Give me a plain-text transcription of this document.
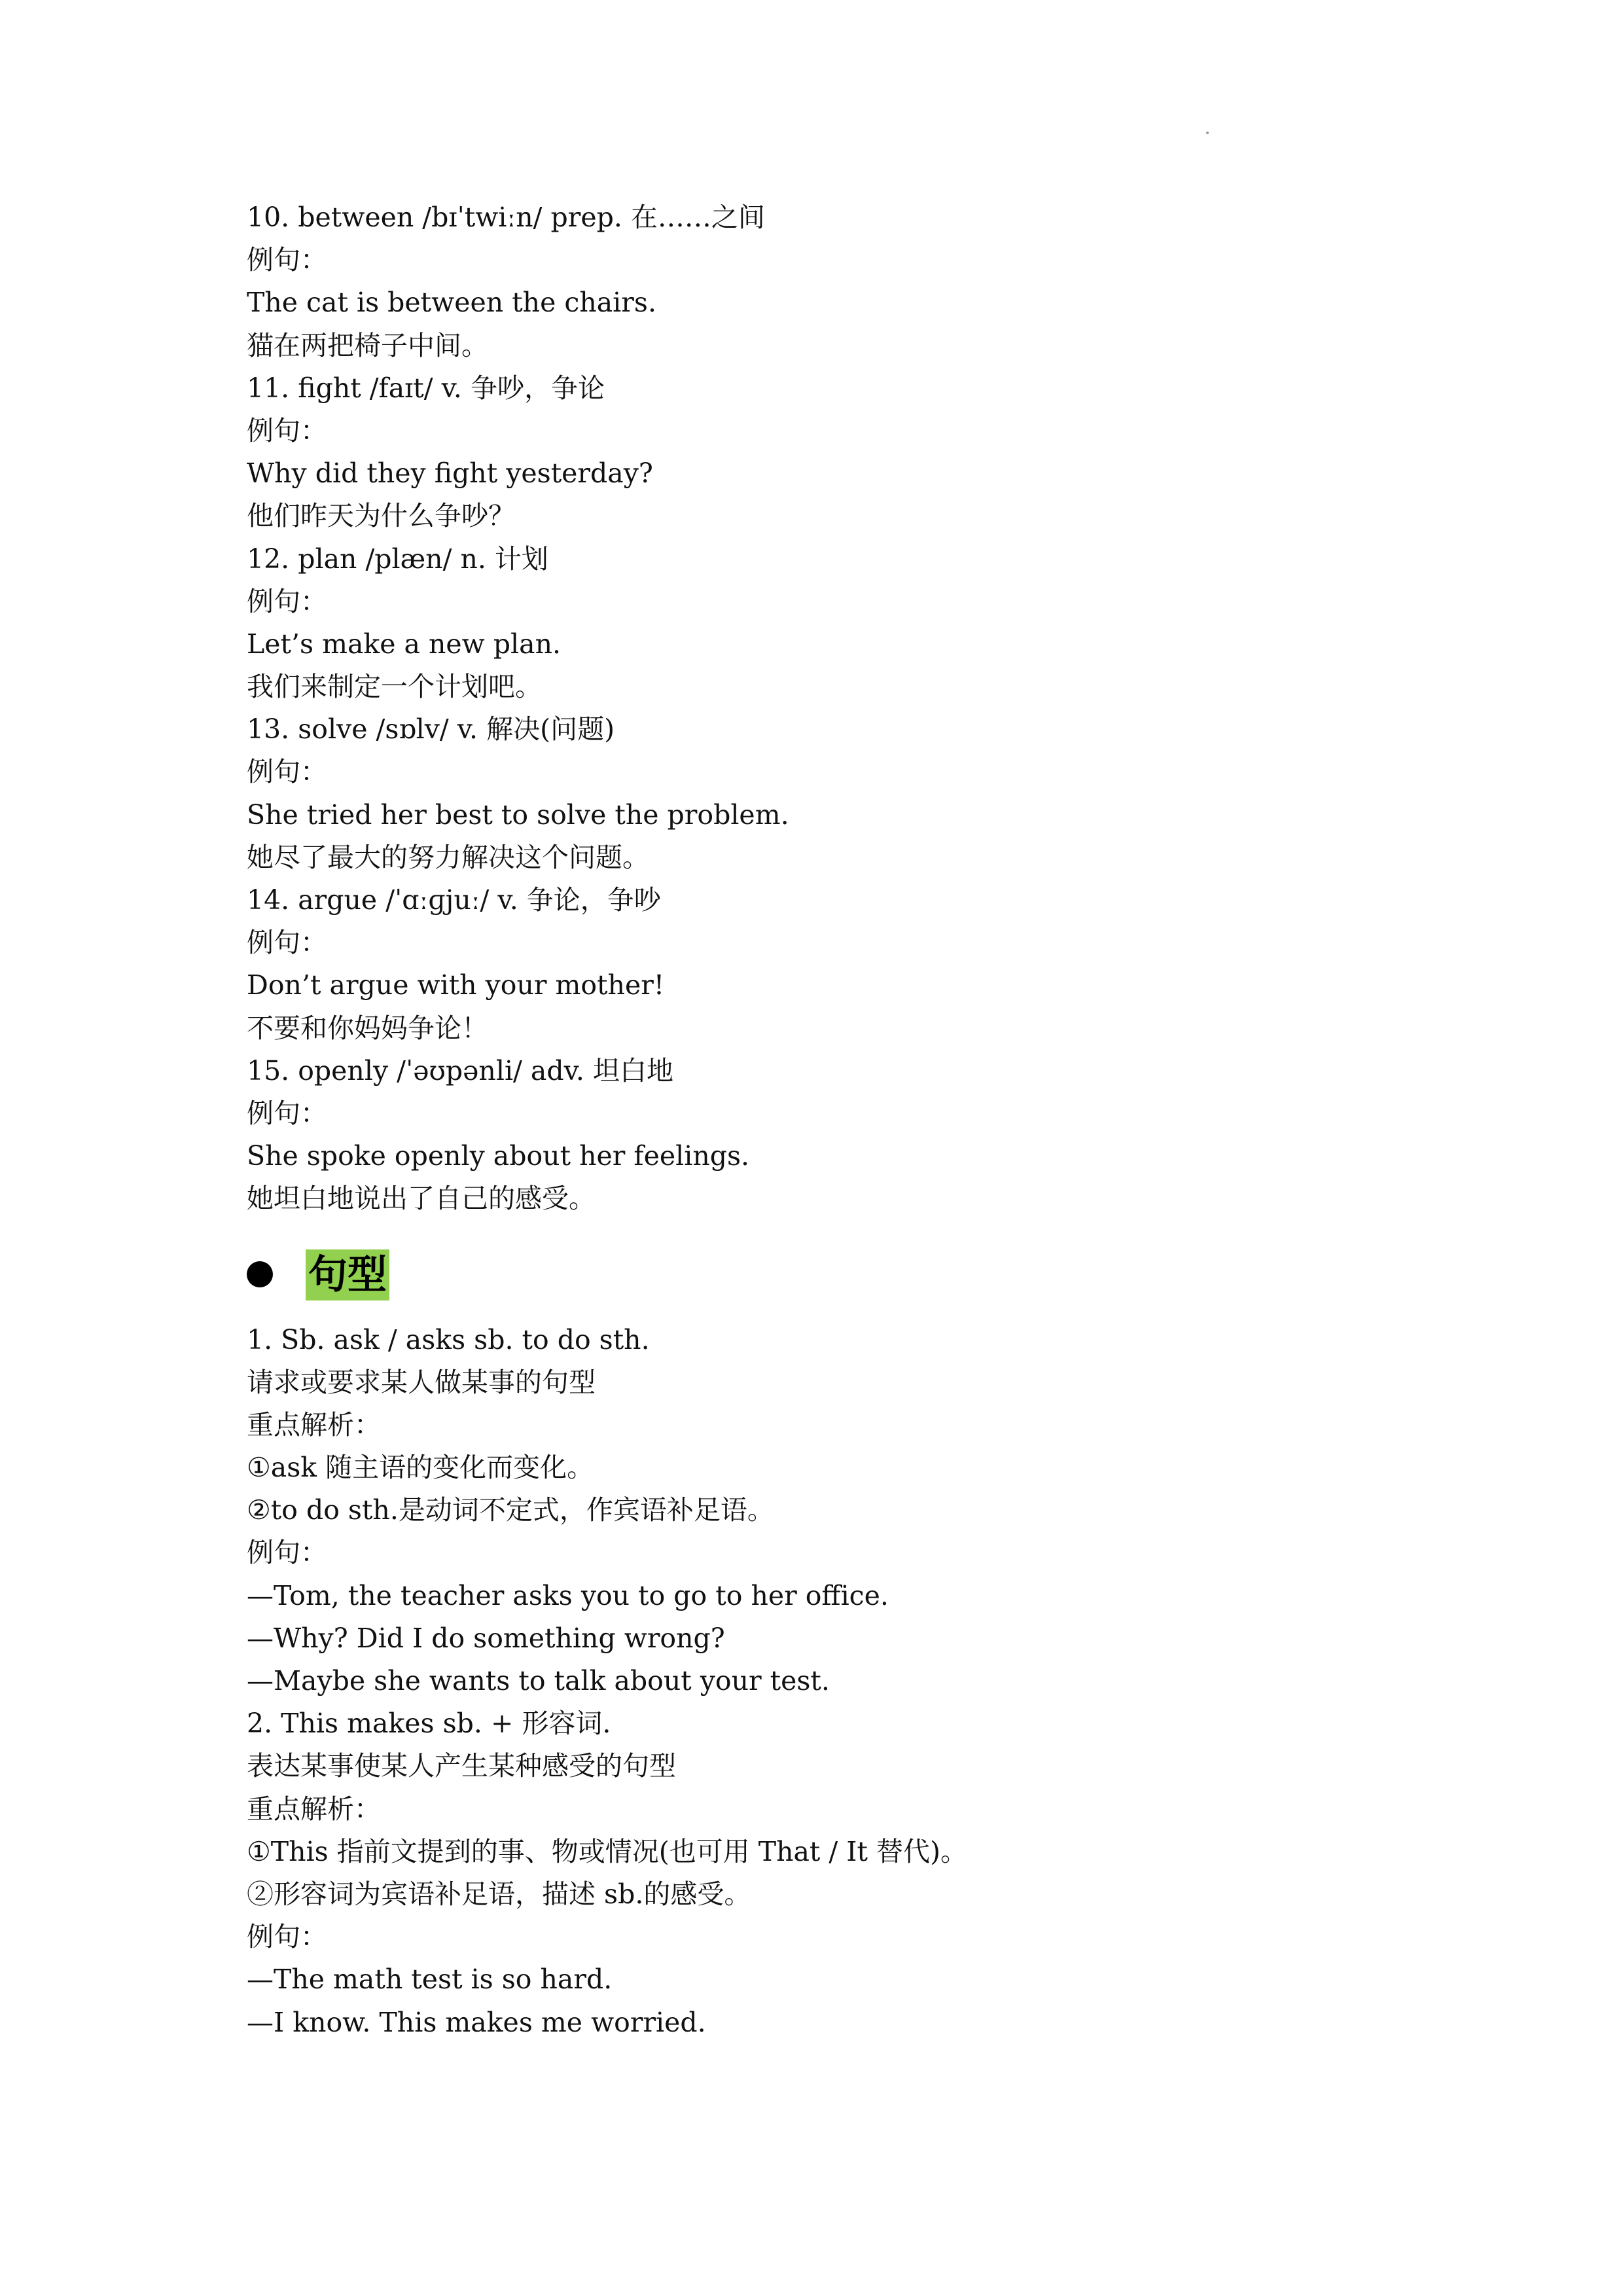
10. between /bɪˈtwiːn/ prep. 在……之间
例句：
The cat is between the chairs.
猫在两把椅子中间。
11. fight /faɪt/ v. 争吵，争论
例句：
Why did they fight yesterday?
他们昨天为什么争吵？
12. plan /plæn/ n. 计划
例句：
Let’s make a new plan.
我们来制定一个计划吧。
13. solve /sɒlv/ v. 解决(问题)
例句：
She tried her best to solve the problem.
她尽了最大的努力解决这个问题。
14. argue /ˈɑːɡjuː/ v. 争论，争吵
例句：
Don’t argue with your mother!
不要和你妈妈争论！
15. openly /ˈəʊpənli/ adv. 坦白地
例句：
She spoke openly about her feelings.
她坦白地说出了自己的感受。
句型
1. Sb. ask / asks sb. to do sth.
请求或要求某人做某事的句型
重点解析：
①ask 随主语的变化而变化。
②to do sth.是动词不定式，作宾语补足语。
例句：
—Tom, the teacher asks you to go to her office.
—Why? Did I do something wrong?
—Maybe she wants to talk about your test.
2. This makes sb. + 形容词.
表达某事使某人产生某种感受的句型
重点解析：
①This 指前文提到的事、物或情况(也可用 That / It 替代)。
②形容词为宾语补足语，描述 sb.的感受。
例句：
—The math test is so hard.
—I know. This makes me worried.
